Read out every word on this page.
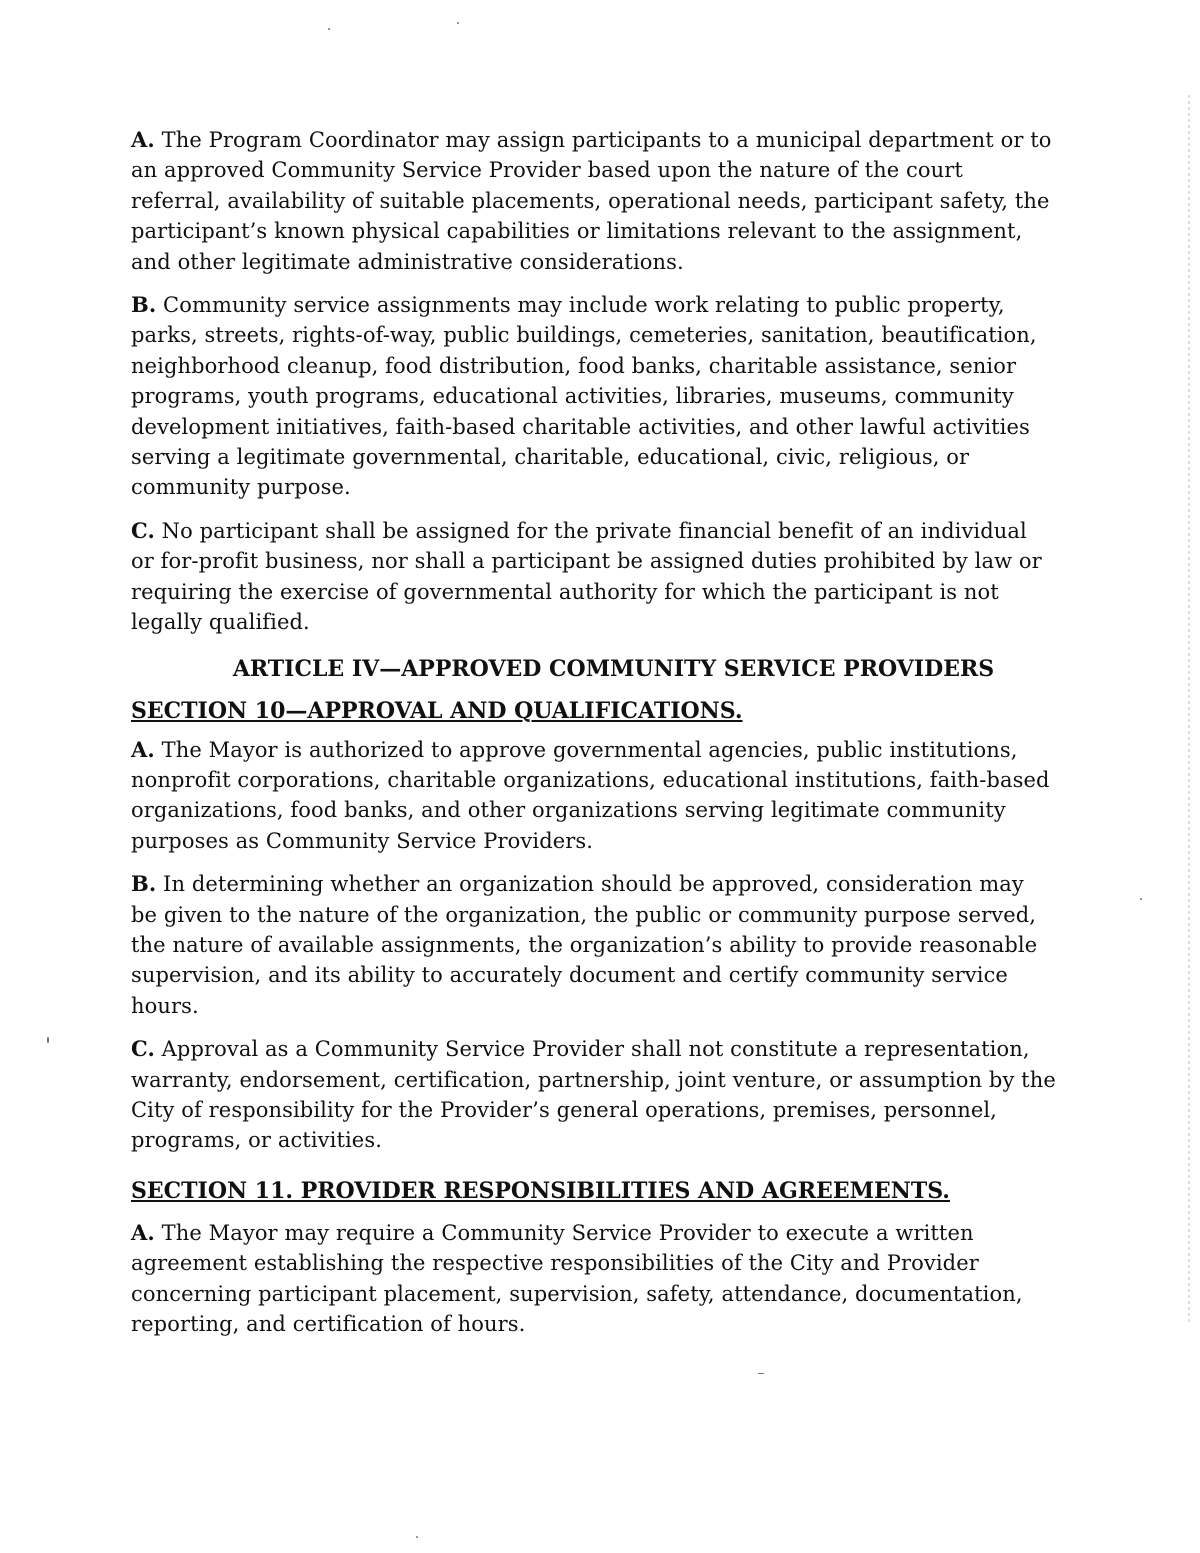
A. The Program Coordinator may assign participants to a municipal department or to an approved Community Service Provider based upon the nature of the court referral, availability of suitable placements, operational needs, participant safety, the participant’s known physical capabilities or limitations relevant to the assignment, and other legitimate administrative considerations.

B. Community service assignments may include work relating to public property, parks, streets, rights-of-way, public buildings, cemeteries, sanitation, beautification, neighborhood cleanup, food distribution, food banks, charitable assistance, senior programs, youth programs, educational activities, libraries, museums, community development initiatives, faith-based charitable activities, and other lawful activities serving a legitimate governmental, charitable, educational, civic, religious, or community purpose.

C. No participant shall be assigned for the private financial benefit of an individual or for-profit business, nor shall a participant be assigned duties prohibited by law or requiring the exercise of governmental authority for which the participant is not legally qualified.

ARTICLE IV—APPROVED COMMUNITY SERVICE PROVIDERS
SECTION 10—APPROVAL AND QUALIFICATIONS.

A. The Mayor is authorized to approve governmental agencies, public institutions, nonprofit corporations, charitable organizations, educational institutions, faith-based organizations, food banks, and other organizations serving legitimate community purposes as Community Service Providers.

B. In determining whether an organization should be approved, consideration may be given to the nature of the organization, the public or community purpose served, the nature of available assignments, the organization’s ability to provide reasonable supervision, and its ability to accurately document and certify community service hours.

C. Approval as a Community Service Provider shall not constitute a representation, warranty, endorsement, certification, partnership, joint venture, or assumption by the City of responsibility for the Provider’s general operations, premises, personnel, programs, or activities.

SECTION 11. PROVIDER RESPONSIBILITIES AND AGREEMENTS.

A. The Mayor may require a Community Service Provider to execute a written agreement establishing the respective responsibilities of the City and Provider concerning participant placement, supervision, safety, attendance, documentation, reporting, and certification of hours.
